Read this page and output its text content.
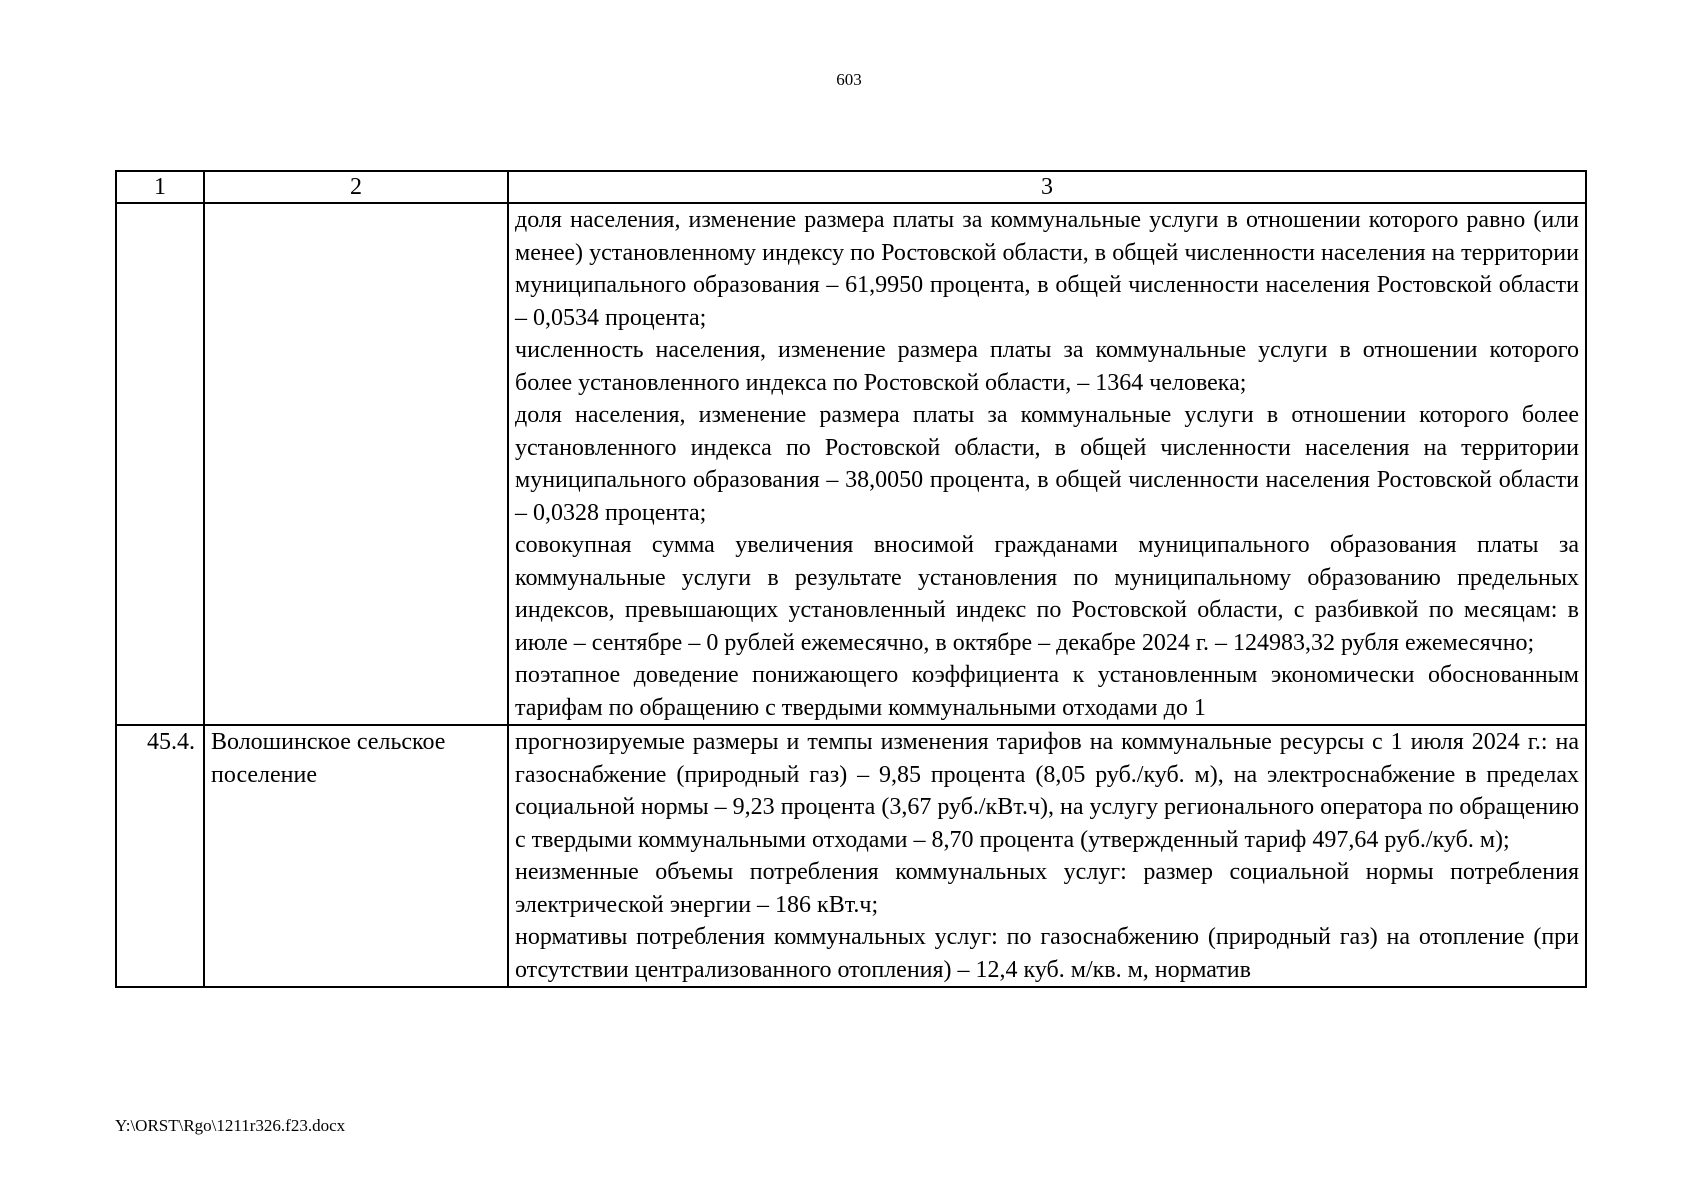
603
1	2	3

		доля населения, изменение размера платы за коммунальные услуги в отношении которого равно (или менее) установленному индексу по Ростовской области, в общей численности населения на территории муниципального образования – 61,9950 процента, в общей численности населения Ростовской области – 0,0534 процента;
численность населения, изменение размера платы за коммунальные услуги в отношении которого более установленного индекса по Ростовской области, – 1364 человека;
доля населения, изменение размера платы за коммунальные услуги в отношении которого более установленного индекса по Ростовской области, в общей численности населения на территории муниципального образования – 38,0050 процента, в общей численности населения Ростовской области – 0,0328 процента;
совокупная сумма увеличения вносимой гражданами муниципального образования платы за коммунальные услуги в результате установления по муниципальному образованию предельных индексов, превышающих установленный индекс по Ростовской области, с разбивкой по месяцам: в июле – сентябре – 0 рублей ежемесячно, в октябре – декабре 2024 г. – 124983,32 рубля ежемесячно;
поэтапное доведение понижающего коэффициента к установленным экономически обоснованным тарифам по обращению с твердыми коммунальными отходами до 1

45.4.	Волошинское сельское поселение	прогнозируемые размеры и темпы изменения тарифов на коммунальные ресурсы с 1 июля 2024 г.: на газоснабжение (природный газ) – 9,85 процента (8,05 руб./куб. м), на электроснабжение в пределах социальной нормы – 9,23 процента (3,67 руб./кВт.ч), на услугу регионального оператора по обращению с твердыми коммунальными отходами – 8,70 процента (утвержденный тариф 497,64 руб./куб. м);
неизменные объемы потребления коммунальных услуг: размер социальной нормы потребления электрической энергии – 186 кВт.ч;
нормативы потребления коммунальных услуг: по газоснабжению (природный газ) на отопление (при отсутствии централизованного отопления) – 12,4 куб. м/кв. м, норматив
Y:\ORST\Rgo\1211r326.f23.docx
